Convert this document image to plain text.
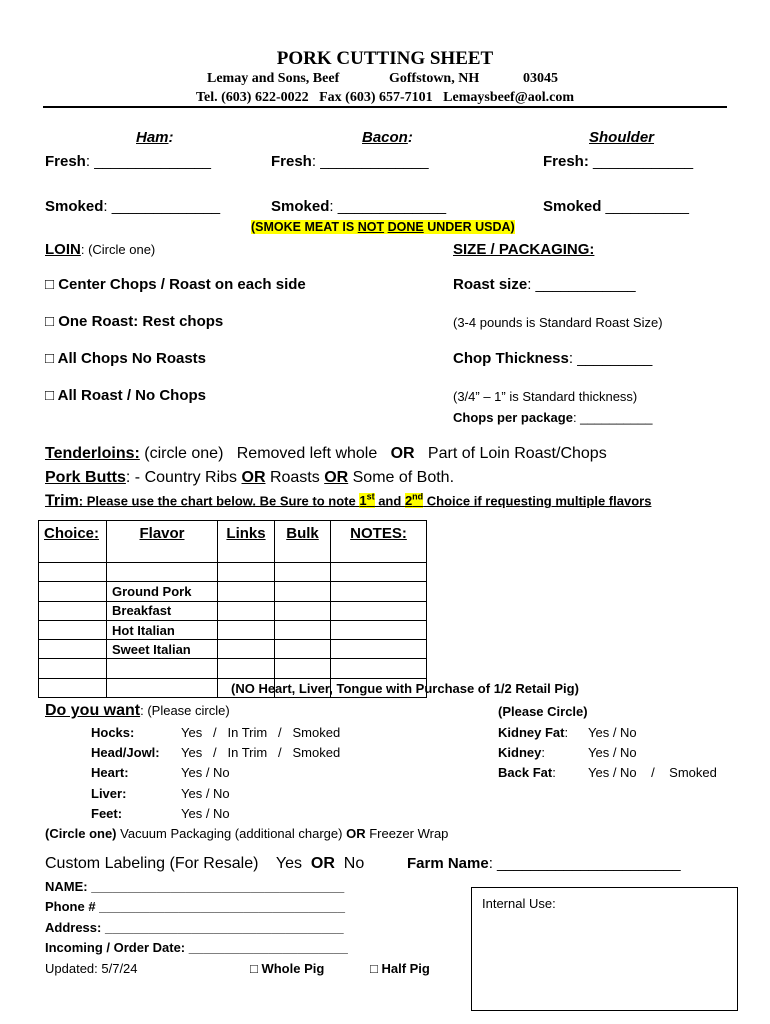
PORK CUTTING SHEET
Lemay and Sons, Beef	Goffstown, NH	03045
Tel. (603) 622-0022   Fax (603) 657-7101   Lemaysbeef@aol.com
Ham:	Bacon:	Shoulder
Fresh: ______________	Fresh: _____________	Fresh: ____________
Smoked: _____________	Smoked: _____________	Smoked __________
(SMOKE MEAT IS NOT DONE UNDER USDA)
LOIN: (Circle one)	SIZE / PACKAGING:
□ Center Chops / Roast on each side
□ One Roast: Rest chops
□ All Chops No Roasts
□ All Roast / No Chops
Roast size: ____________
(3-4 pounds is Standard Roast Size)
Chop Thickness: _________
(3/4” – 1” is Standard thickness)
Chops per package: __________
Tenderloins: (circle one)   Removed left whole   OR   Part of Loin Roast/Chops
Pork Butts: - Country Ribs OR Roasts OR Some of Both.
Trim: Please use the chart below. Be Sure to note 1st and 2nd Choice if requesting multiple flavors
Choice:	Flavor	Links	Bulk	NOTES:

	Ground Pork			
	Breakfast			
	Hot Italian			
	Sweet Italian			

(NO Heart, Liver, Tongue with Purchase of 1/2 Retail Pig)
Do you want: (Please circle)	(Please Circle)
Hocks:	Yes   /   In Trim   /   Smoked
Head/Jowl: Yes   /   In Trim   /   Smoked
Heart:	Yes / No
Liver:	Yes / No
Feet:	Yes / No
Kidney Fat: Yes / No
Kidney:	Yes / No
Back Fat: Yes / No    /    Smoked
(Circle one) Vacuum Packaging (additional charge) OR Freezer Wrap
Custom Labeling (For Resale)    Yes  OR  No	Farm Name: ______________________
NAME: ___________________________________
Phone # __________________________________
Address: _________________________________
Incoming / Order Date: ______________________
Updated: 5/7/24	□ Whole Pig	□ Half Pig
Internal Use:
